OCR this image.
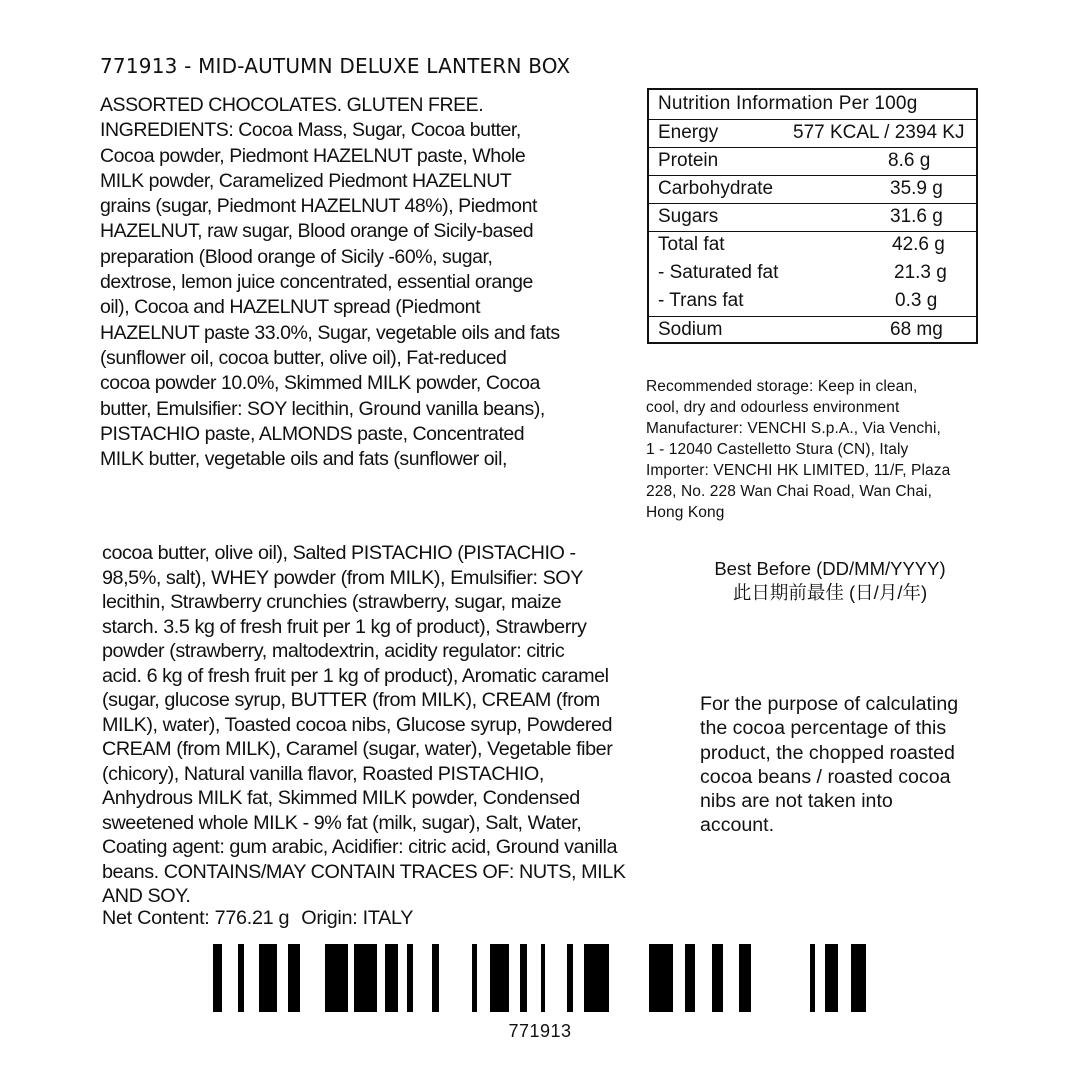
771913 - MID-AUTUMN DELUXE LANTERN BOX
ASSORTED CHOCOLATES. GLUTEN FREE.
INGREDIENTS: Cocoa Mass, Sugar, Cocoa butter,
Cocoa powder, Piedmont HAZELNUT paste, Whole
MILK powder, Caramelized Piedmont HAZELNUT
grains (sugar, Piedmont HAZELNUT 48%), Piedmont
HAZELNUT, raw sugar, Blood orange of Sicily-based
preparation (Blood orange of Sicily -60%, sugar,
dextrose, lemon juice concentrated, essential orange
oil), Cocoa and HAZELNUT spread (Piedmont
HAZELNUT paste 33.0%, Sugar, vegetable oils and fats
(sunflower oil, cocoa butter, olive oil), Fat-reduced
cocoa powder 10.0%, Skimmed MILK powder, Cocoa
butter, Emulsifier: SOY lecithin, Ground vanilla beans),
PISTACHIO paste, ALMONDS paste, Concentrated
MILK butter, vegetable oils and fats (sunflower oil,
Nutrition Information Per 100g
Energy	577 KCAL / 2394 KJ
Protein	8.6 g
Carbohydrate	35.9 g
Sugars	31.6 g
Total fat	42.6 g
- Saturated fat	21.3 g
- Trans fat	0.3 g
Sodium	68 mg
Recommended storage: Keep in clean,
cool, dry and odourless environment
Manufacturer: VENCHI S.p.A., Via Venchi,
1 - 12040 Castelletto Stura (CN), Italy
Importer: VENCHI HK LIMITED, 11/F, Plaza
228, No. 228 Wan Chai Road, Wan Chai,
Hong Kong
cocoa butter, olive oil), Salted PISTACHIO (PISTACHIO -
98,5%, salt), WHEY powder (from MILK), Emulsifier: SOY
lecithin, Strawberry crunchies (strawberry, sugar, maize
starch. 3.5 kg of fresh fruit per 1 kg of product), Strawberry
powder (strawberry, maltodextrin, acidity regulator: citric
acid. 6 kg of fresh fruit per 1 kg of product), Aromatic caramel
(sugar, glucose syrup, BUTTER (from MILK), CREAM (from
MILK), water), Toasted cocoa nibs, Glucose syrup, Powdered
CREAM (from MILK), Caramel (sugar, water), Vegetable fiber
(chicory), Natural vanilla flavor, Roasted PISTACHIO,
Anhydrous MILK fat, Skimmed MILK powder, Condensed
sweetened whole MILK - 9% fat (milk, sugar), Salt, Water,
Coating agent: gum arabic, Acidifier: citric acid, Ground vanilla
beans. CONTAINS/MAY CONTAIN TRACES OF: NUTS, MILK
AND SOY.
Net Content: 776.21 g Origin: ITALY
Best Before (DD/MM/YYYY)
此日期前最佳 (日/月/年)
For the purpose of calculating
the cocoa percentage of this
product, the chopped roasted
cocoa beans / roasted cocoa
nibs are not taken into
account.
771913
